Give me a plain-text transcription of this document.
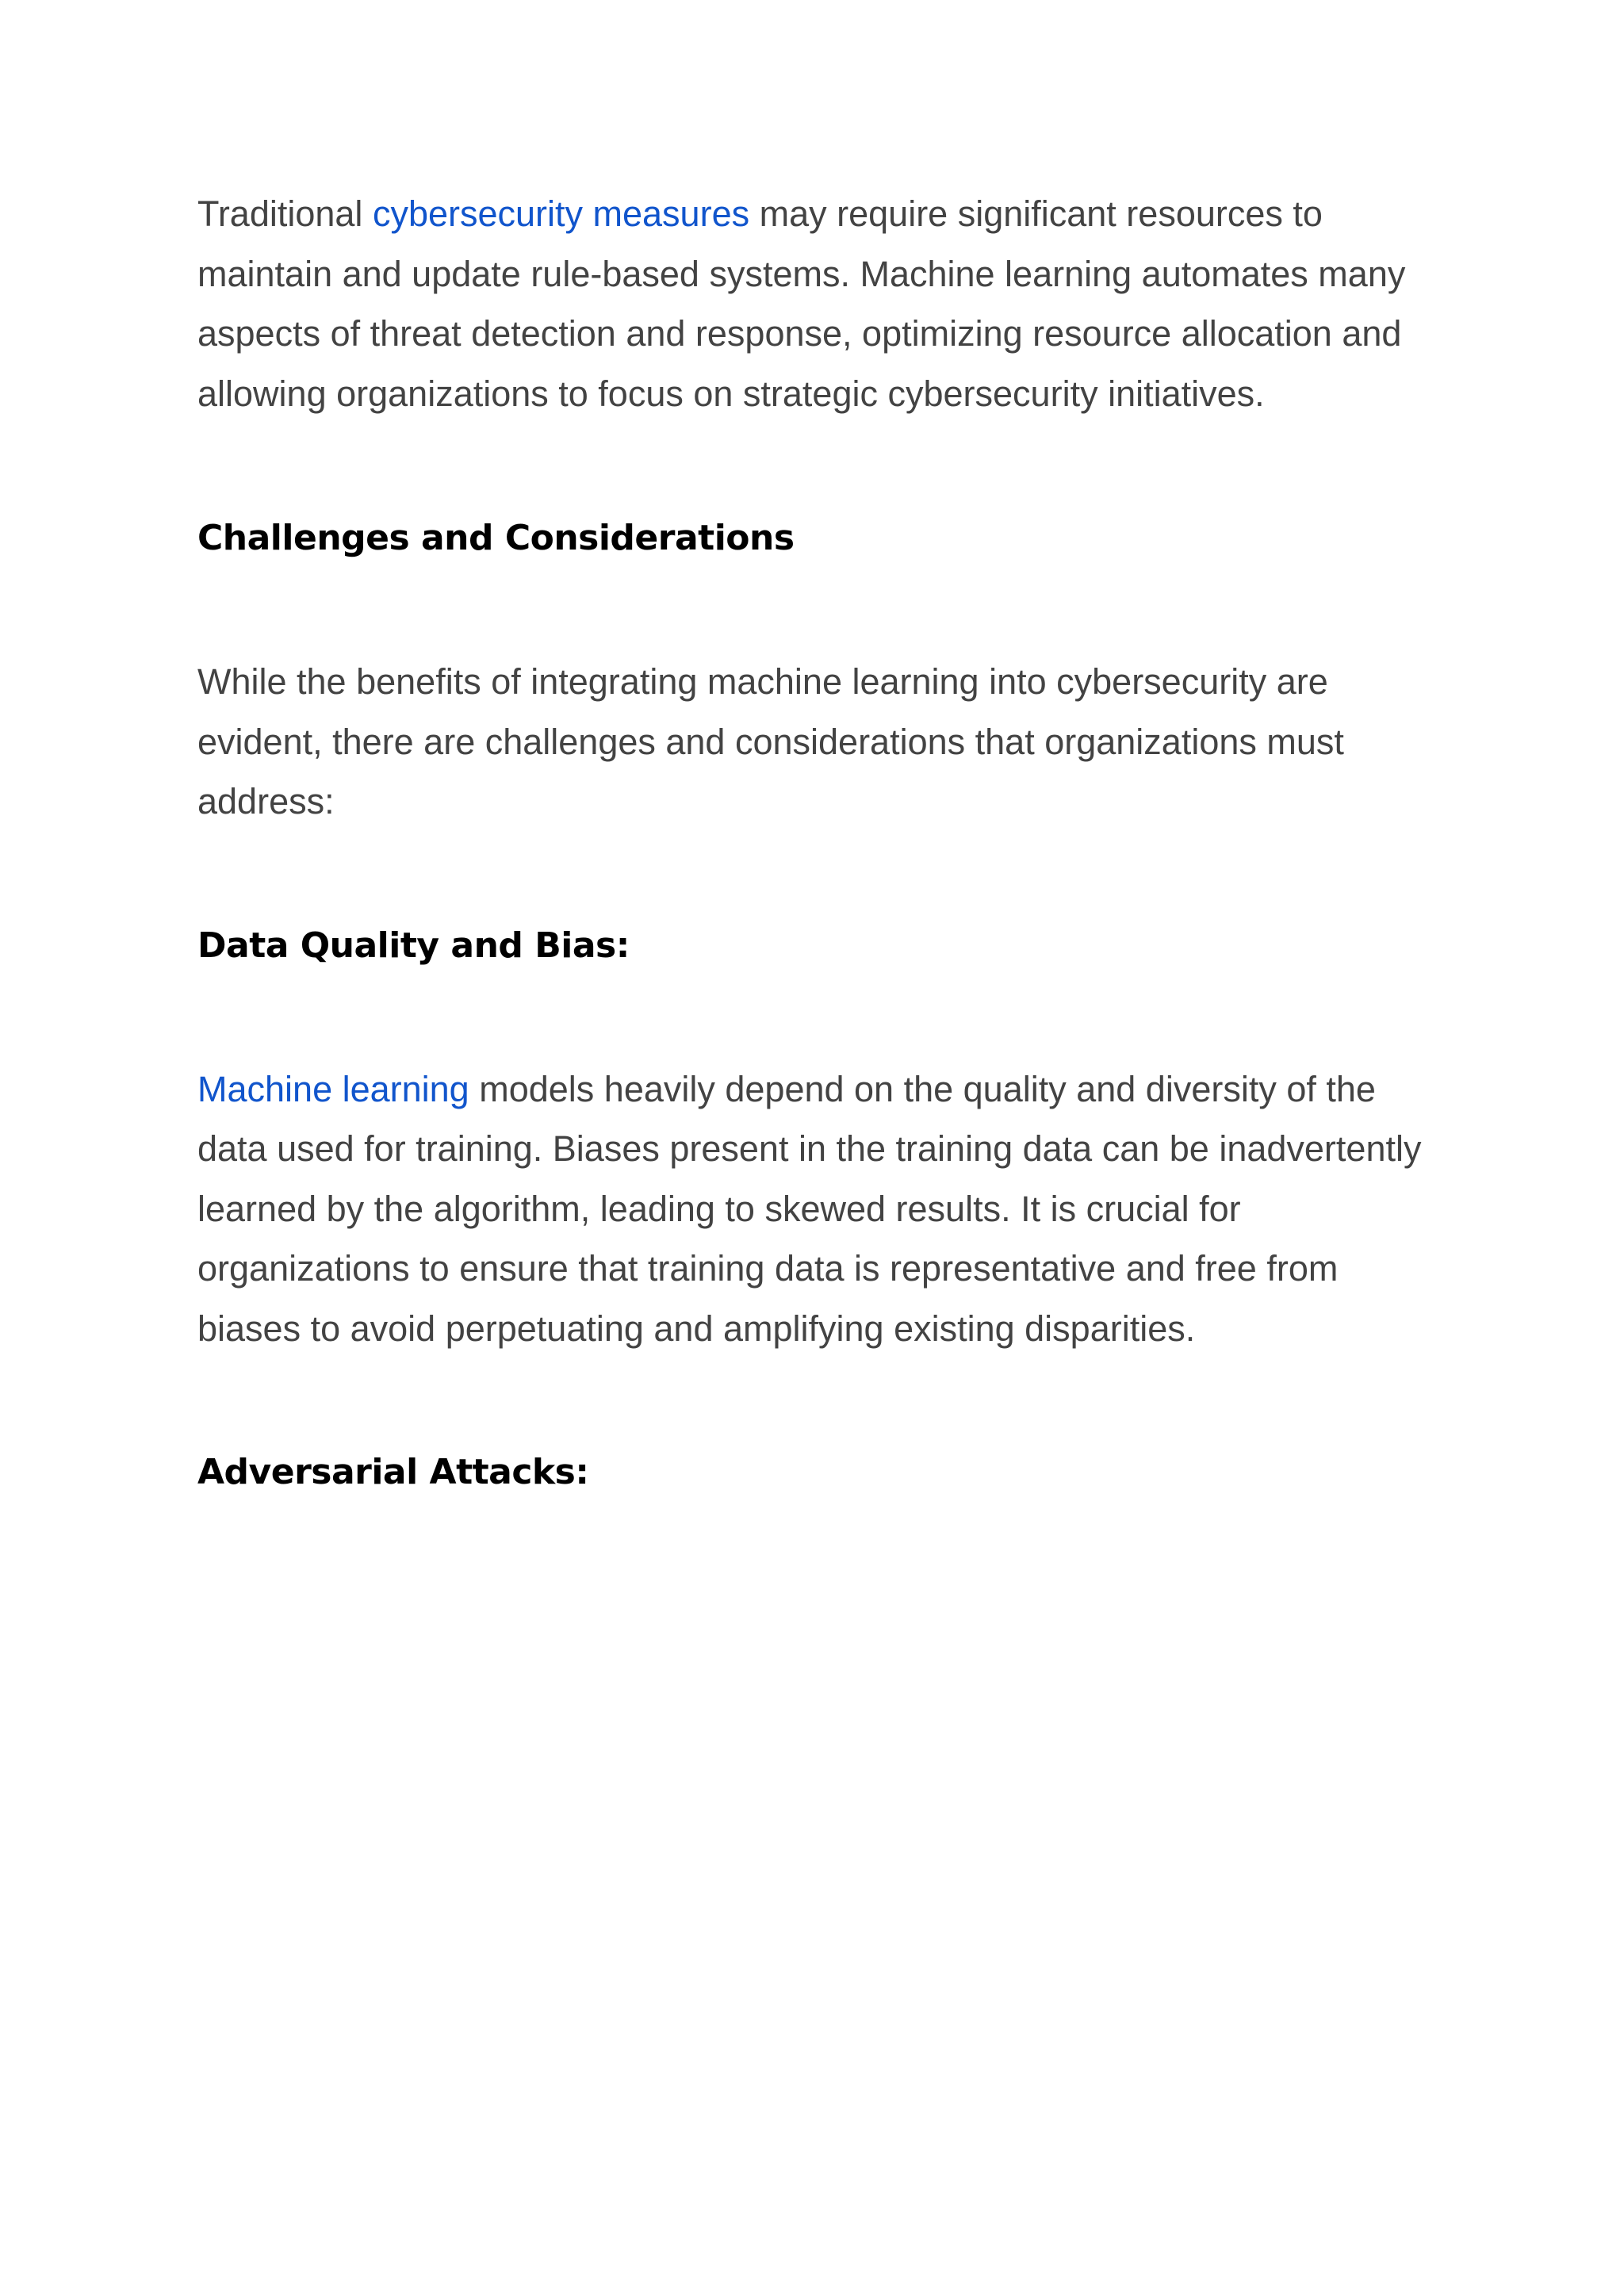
Traditional cybersecurity measures may require significant resources to maintain and update rule-based systems. Machine learning automates many aspects of threat detection and response, optimizing resource allocation and allowing organizations to focus on strategic cybersecurity initiatives.

Challenges and Considerations

While the benefits of integrating machine learning into cybersecurity are evident, there are challenges and considerations that organizations must address:

Data Quality and Bias:

Machine learning models heavily depend on the quality and diversity of the data used for training. Biases present in the training data can be inadvertently learned by the algorithm, leading to skewed results. It is crucial for organizations to ensure that training data is representative and free from biases to avoid perpetuating and amplifying existing disparities.

Adversarial Attacks:
